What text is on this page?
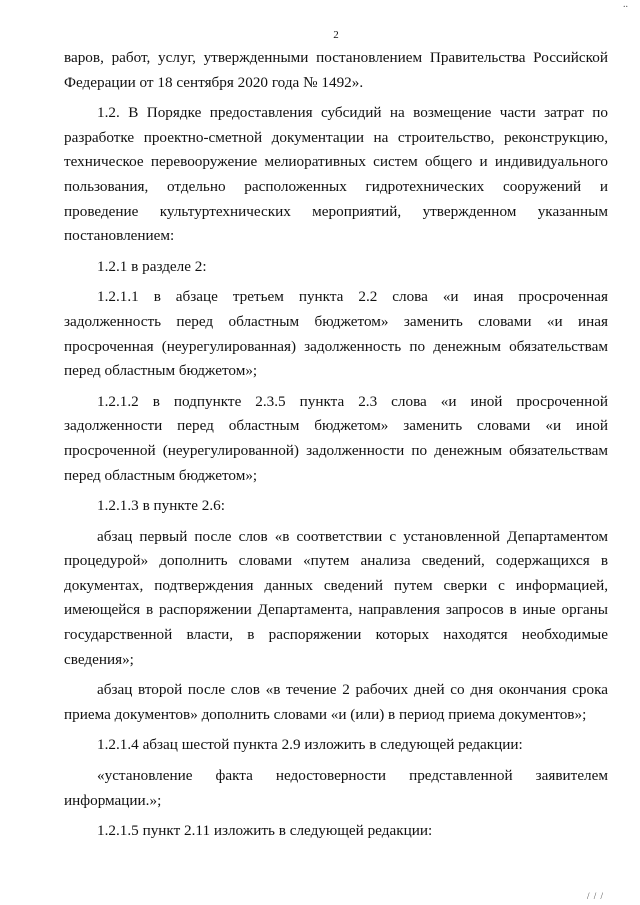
..
2

варов, работ, услуг, утвержденными постановлением Правительства Российской Федерации от 18 сентября 2020 года № 1492».

1.2. В Порядке предоставления субсидий на возмещение части затрат по разработке проектно-сметной документации на строительство, реконструкцию, техническое перевооружение мелиоративных систем общего и индивидуального пользования, отдельно расположенных гидротехнических сооружений и проведение культуртехнических мероприятий, утвержденном указанным постановлением:

1.2.1 в разделе 2:

1.2.1.1 в абзаце третьем пункта 2.2 слова «и иная просроченная задолженность перед областным бюджетом» заменить словами «и иная просроченная (неурегулированная) задолженность по денежным обязательствам перед областным бюджетом»;

1.2.1.2 в подпункте 2.3.5 пункта 2.3 слова «и иной просроченной задолженности перед областным бюджетом» заменить словами «и иной просроченной (неурегулированной) задолженности по денежным обязательствам перед областным бюджетом»;

1.2.1.3 в пункте 2.6:

абзац первый после слов «в соответствии с установленной Департаментом процедурой» дополнить словами «путем анализа сведений, содержащихся в документах, подтверждения данных сведений путем сверки с информацией, имеющейся в распоряжении Департамента, направления запросов в иные органы государственной власти, в распоряжении которых находятся необходимые сведения»;

абзац второй после слов «в течение 2 рабочих дней со дня окончания срока приема документов» дополнить словами «и (или) в период приема документов»;

1.2.1.4 абзац шестой пункта 2.9 изложить в следующей редакции:

«установление факта недостоверности представленной заявителем информации.»;

1.2.1.5 пункт 2.11 изложить в следующей редакции:

/ / /
